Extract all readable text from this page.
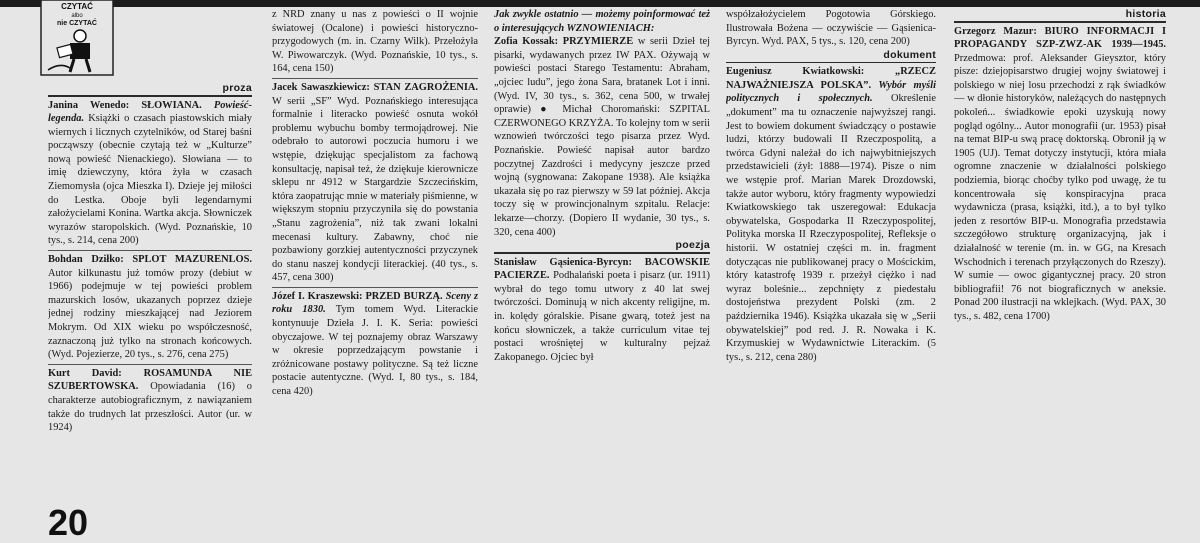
CZYTAĆ
albo
nie CZYTAĆ
proza

Janina Wenedo: SŁOWIANA. Powieść-legenda. Książki o czasach piastowskich miały wiernych i licznych czytelników, od Starej baśni począwszy (obecnie czytają też w „Kulturze” nową powieść Nienackiego). Słowiana — to imię dziewczyny, która żyła w czasach Ziemomysła (ojca Mieszka I). Dzieje jej miłości do Lestka. Oboje byli legendarnymi założycielami Konina. Wartka akcja. Słowniczek wyrazów staropolskich. (Wyd. Poznańskie, 10 tys., s. 214, cena 200)

Bohdan Dziłko: SPLOT MAZURENLOS. Autor kilkunastu już tomów prozy (debiut w 1966) podejmuje w tej powieści problem mazurskich losów, ukazanych poprzez dzieje jednej rodziny mieszkającej nad Jeziorem Mokrym. Od XIX wieku po współczesność, zaznaczoną już tylko na stronach końcowych. (Wyd. Pojezierze, 20 tys., s. 276, cena 275)

Kurt David: ROSAMUNDA NIE SZUBERTOWSKA. Opowiadania (16) o charakterze autobiograficznym, z nawiązaniem także do trudnych lat przeszłości. Autor (ur. w 1924)

z NRD znany u nas z powieści o II wojnie światowej (Ocalone) i powieści historyczno-przygodowych (m. in. Czarny Wilk). Przełożyła W. Piwowarczyk. (Wyd. Poznańskie, 10 tys., s. 164, cena 150)

Jacek Sawaszkiewicz: STAN ZAGROŻENIA. W serii „SF” Wyd. Poznańskiego interesująca formalnie i literacko powieść osnuta wokół problemu wybuchu bomby termojądrowej. Nie odebrało to autorowi poczucia humoru i we wstępie, dziękując specjalistom za fachową konsultację, napisał też, że dziękuje kierownicze sklepu nr 4912 w Stargardzie Szczecińskim, która zaopatrując mnie w materiały piśmienne, w większym stopniu przyczyniła się do powstania „Stanu zagrożenia”, niż tak zwani lokalni mecenasi kultury. Zabawny, choć nie pozbawiony gorzkiej autentyczności przyczynek do stanu naszej kondycji literackiej. (40 tys., s. 457, cena 300)

Józef I. Kraszewski: PRZED BURZĄ. Sceny z roku 1830. Tym tomem Wyd. Literackie kontynuuje Dzieła J. I. K. Seria: powieści obyczajowe. W tej poznajemy obraz Warszawy w okresie poprzedzającym powstanie i zróżnicowane postawy polityczne. Są też liczne postacie autentyczne. (Wyd. I, 80 tys., s. 184, cena 420)

Jak zwykle ostatnio — możemy poinformować też o interesujących WZNOWIENIACH:

Zofia Kossak: PRZYMIERZE w serii Dzieł tej pisarki, wydawanych przez IW PAX. Ożywają w powieści postaci Starego Testamentu: Abraham, „ojciec ludu”, jego żona Sara, bratanek Lot i inni. (Wyd. IV, 30 tys., s. 362, cena 500, w trwałej oprawie) ● Michał Choromański: SZPITAL CZERWONEGO KRZYŻA. To kolejny tom w serii wznowień twórczości tego pisarza przez Wyd. Poznańskie. Powieść napisał autor bardzo poczytnej Zazdrości i medycyny jeszcze przed wojną (sygnowana: Zakopane 1938). Ale książka ukazała się po raz pierwszy w 59 lat później. Akcja toczy się w prowincjonalnym szpitalu. Relacje: lekarze—chorzy. (Dopiero II wydanie, 30 tys., s. 320, cena 400)

poezja

Stanisław Gąsienica-Byrcyn: BACOWSKIE PACIERZE. Podhalański poeta i pisarz (ur. 1911) wybrał do tego tomu utwory z 40 lat swej twórczości. Dominują w nich akcenty religijne, m. in. kolędy góralskie. Pisane gwarą, toteż jest na końcu słowniczek, a także curriculum vitae tej postaci wrośniętej w kulturalny pejzaż Zakopanego. Ojciec był

współzałożycielem Pogotowia Górskiego. Ilustrowała Bożena — oczywiście — Gąsienica-Byrcyn. Wyd. PAX, 5 tys., s. 120, cena 200)

dokument

Eugeniusz Kwiatkowski: „RZECZ NAJWAŻNIEJSZA POLSKA”. Wybór myśli politycznych i społecznych. Określenie „dokument” ma tu oznaczenie najwyższej rangi. Jest to bowiem dokument świadczący o postawie ludzi, którzy budowali II Rzeczpospolitą, a twórca Gdyni należał do ich najwybitniejszych przedstawicieli (żył: 1888—1974). Pisze o nim we wstępie prof. Marian Marek Drozdowski, także autor wyboru, który fragmenty wypowiedzi Kwiatkowskiego tak uszeregował: Edukacja obywatelska, Gospodarka II Rzeczypospolitej, Polityka morska II Rzeczypospolitej, Refleksje o historii. W ostatniej części m. in. fragment dotyczącas nie publikowanej pracy o Mościckim, który katastrofę 1939 r. przeżył ciężko i nad wyraz boleśnie... zepchnięty z piedestału dostojeństwa prezydent Polski (zm. 2 października 1946). Książka ukazała się w „Serii obywatelskiej” pod red. J. R. Nowaka i K. Krzymuskiej w Wydawnictwie Literackim. (5 tys., s. 212, cena 280)

historia

Grzegorz Mazur: BIURO INFORMACJI I PROPAGANDY SZP-ZWZ-AK 1939—1945. Przedmowa: prof. Aleksander Gieysztor, który pisze: dziejopisarstwo drugiej wojny światowej i polskiego w niej losu przechodzi z rąk świadków — w dłonie historyków, należących do następnych pokoleń... świadkowie epoki uzyskują nowy pogląd ogólny... Autor monografii (ur. 1953) pisał na temat BIP-u swą pracę doktorską. Obronił ją w 1905 (UJ). Temat dotyczy instytucji, która miała ogromne znaczenie w działalności polskiego podziemia, biorąc choćby tylko pod uwagę, że tu koncentrowała się konspiracyjna praca wydawnicza (prasa, książki, itd.), a to był tylko jeden z resortów BIP-u. Monografia przedstawia szczegółowo strukturę organizacyjną, jak i działalność w terenie (m. in. w GG, na Kresach Wschodnich i terenach przyłączonych do Rzeszy). W sumie — owoc gigantycznej pracy. 20 stron bibliografii! 76 not biograficznych w aneksie. Ponad 200 ilustracji na wklejkach. (Wyd. PAX, 30 tys., s. 482, cena 1700)

20
